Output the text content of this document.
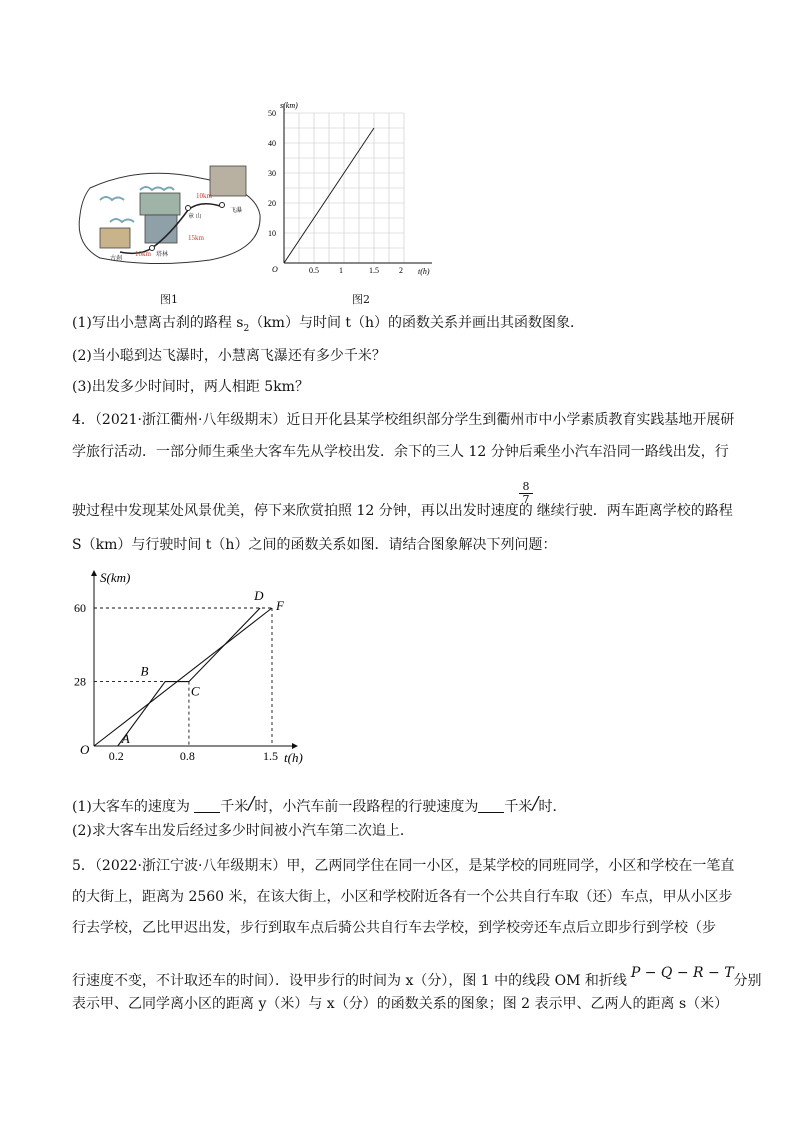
10km
章 山
飞瀑
15km
古刹
10km 塔林
图1
s(km)
t(h)
O
10
20
30
40
50
0.5	1	1.5	2
图2
(1)写出小慧离古刹的路程 $s_2(km)$与时间 t（h）的函数关系并画出其函数图象．
(2)当小聪到达飞瀑时，小慧离飞瀑还有多少千米？
(3)出发多少时间时，两人相距 5km？
4．（2021·浙江衢州·八年级期末）近日开化县某学校组织部分学生到衢州市中小学素质教育实践基地开展研
学旅行活动．一部分师生乘坐大客车先从学校出发．余下的三人 12 分钟后乘坐小汽车沿同一路线出发，行
$\frac{8}{7}$
驶过程中发现某处风景优美，停下来欣赏拍照 12 分钟，再以出发时速度的 继续行驶．两车距离学校的路程
S（km）与行驶时间 t（h）之间的函数关系如图．请结合图象解决下列问题：
S(km)
t(h)
O
60
28
0.2	0.8	1.5
A
B
C
D
F
(1)大客车的速度为 千米/时，小汽车前一段路程的行驶速度为 千米/时．
(2)求大客车出发后经过多少时间被小汽车第二次追上．
5．（2022·浙江宁波·八年级期末）甲，乙两同学住在同一小区，是某学校的同班同学，小区和学校在一笔直
的大街上，距离为 2560 米，在该大街上，小区和学校附近各有一个公共自行车取（还）车点，甲从小区步
行去学校，乙比甲迟出发，步行到取车点后骑公共自行车去学校，到学校旁还车点后立即步行到学校（步
行速度不变，不计取还车的时间）．设甲步行的时间为 x（分），图 1 中的线段 OM 和折线 P − Q − R − T分别
表示甲、乙同学离小区的距离 y（米）与 x（分）的函数关系的图象；图 2 表示甲、乙两人的距离 s（米）
